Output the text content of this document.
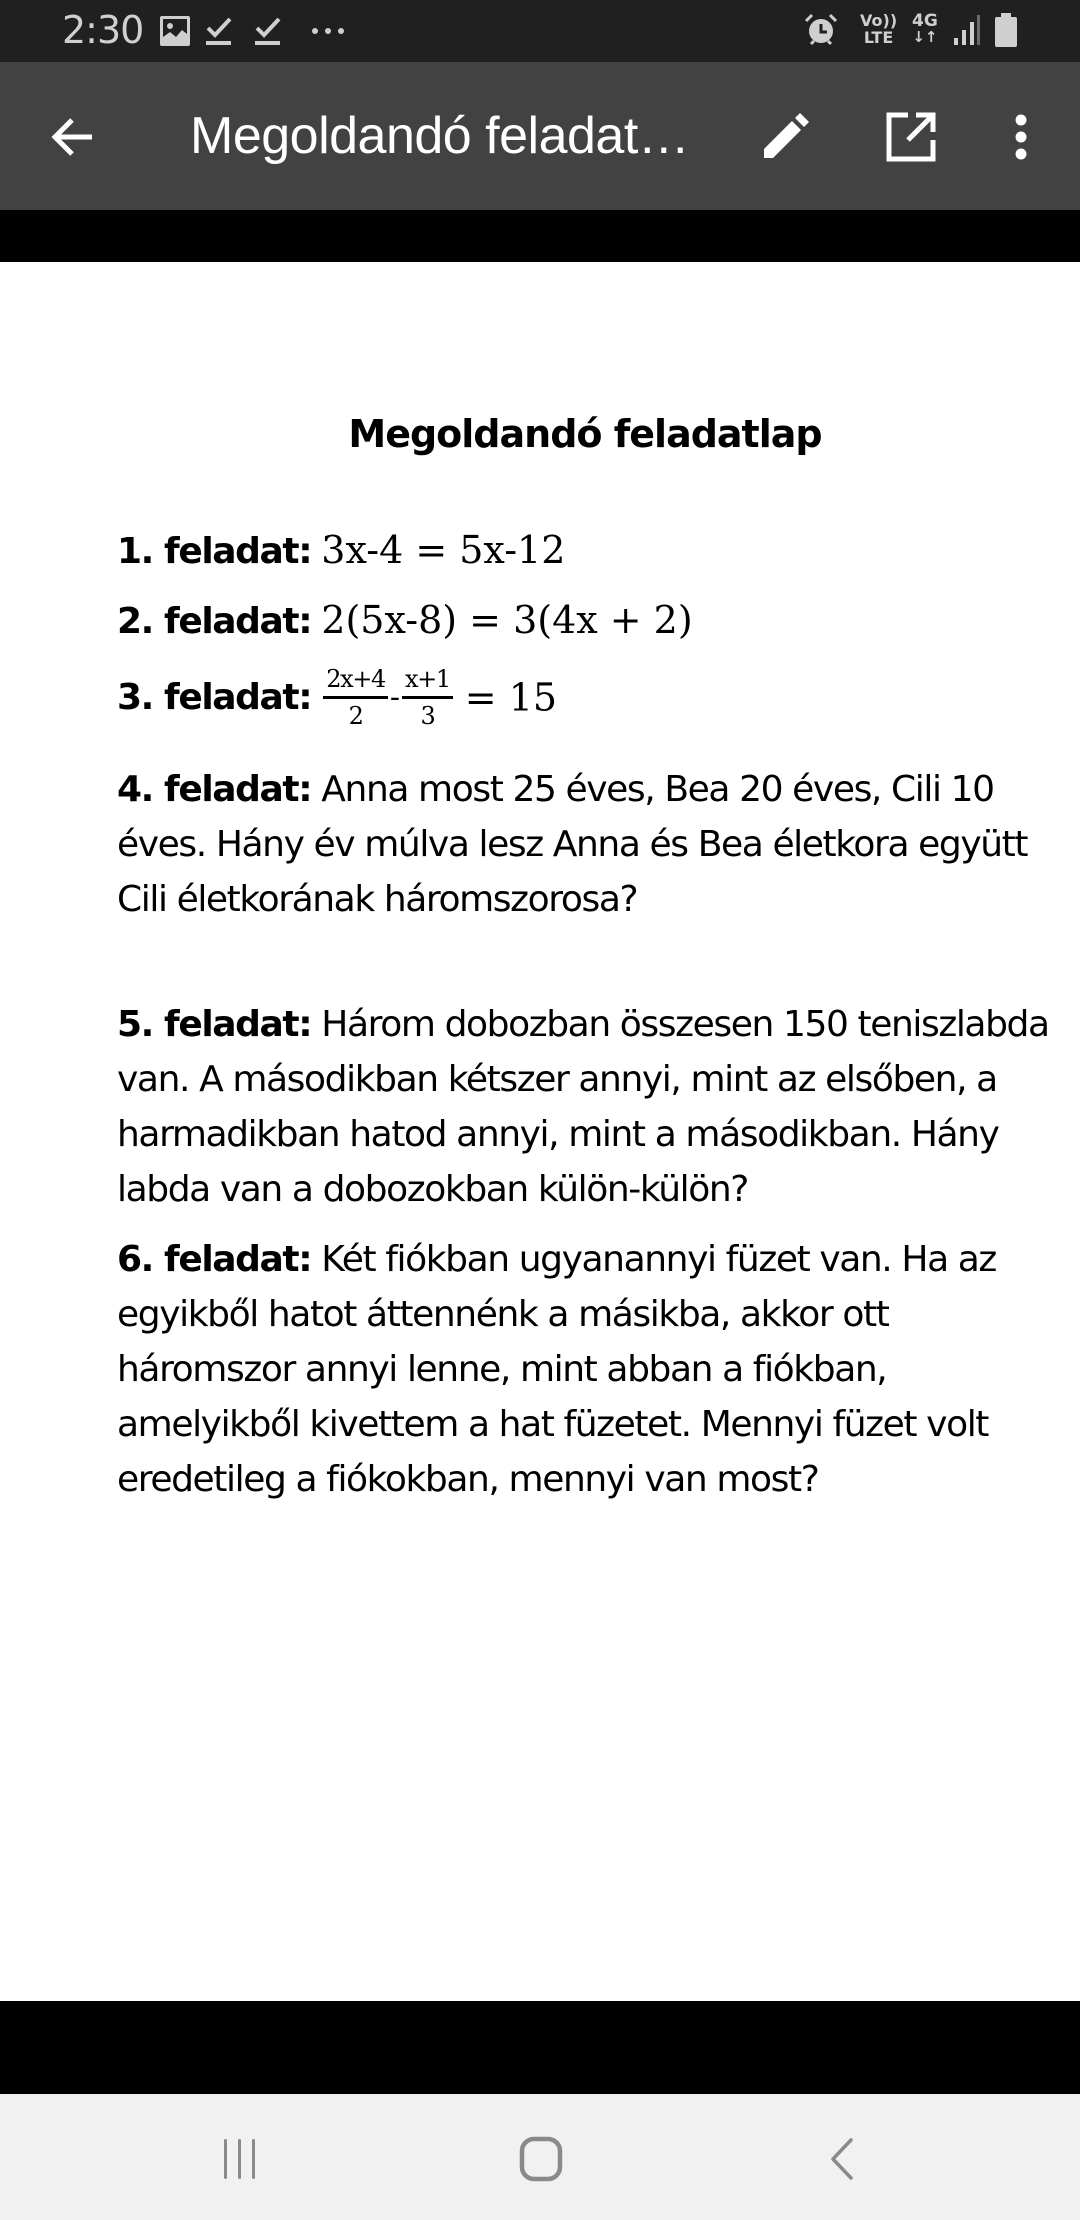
2:30	Vo))
LTE
4G
↓↑
Megoldandó feladat…
Megoldandó feladatlap
1. feladat: 3x-4 = 5x-12
2. feladat: 2(5x-8) = 3(4x + 2)
3. feladat: $\frac{2x+4}{2} - \frac{x+1}{3} = 15$
4. feladat: Anna most 25 éves, Bea 20 éves, Cili 10
éves. Hány év múlva lesz Anna és Bea életkora együtt
Cili életkorának háromszorosa?
5. feladat: Három dobozban összesen 150 teniszlabda
van. A másodikban kétszer annyi, mint az elsőben, a
harmadikban hatod annyi, mint a másodikban. Hány
labda van a dobozokban külön-külön?
6. feladat: Két fiókban ugyanannyi füzet van. Ha az
egyikből hatot áttennénk a másikba, akkor ott
háromszor annyi lenne, mint abban a fiókban,
amelyikből kivettem a hat füzetet. Mennyi füzet volt
eredetileg a fiókokban, mennyi van most?
